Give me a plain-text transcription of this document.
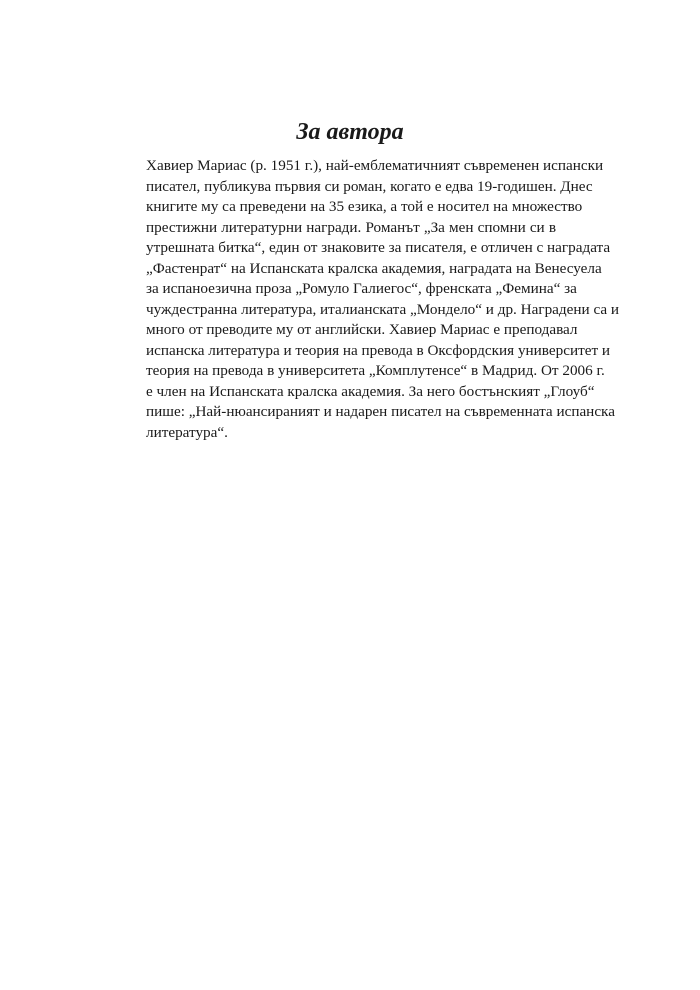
За автора
Хавиер Мариас (р. 1951 г.), най-емблематичният съвременен испански
писател, публикува първия си роман, когато е едва 19-годишен. Днес
книгите му са преведени на 35 езика, а той е носител на множество
престижни литературни награди. Романът „За мен спомни си в
утрешната битка“, един от знаковите за писателя, е отличен с наградата
„Фастенрат“ на Испанската кралска академия, наградата на Венесуела
за испаноезична проза „Ромуло Галиегос“, френската „Фемина“ за
чуждестранна литература, италианската „Мондело“ и др. Наградени са и
много от преводите му от английски. Хавиер Мариас е преподавал
испанска литература и теория на превода в Оксфордския университет и
теория на превода в университета „Комплутенсе“ в Мадрид. От 2006 г.
е член на Испанската кралска академия. За него бостънският „Глоуб“
пише: „Най-нюансираният и надарен писател на съвременната испанска
литература“.
